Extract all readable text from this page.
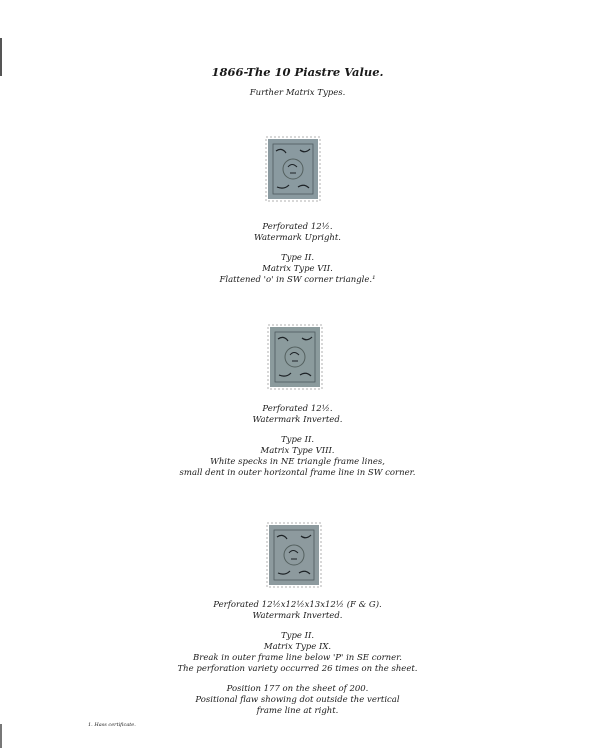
1866-The 10 Piastre Value.
Further Matrix Types.

Perforated 12½.

Watermark Upright.

Type II.

Matrix Type VII.

Flattened 'o' in SW corner triangle.¹

Perforated 12½.

Watermark Inverted.

Type II.

Matrix Type VIII.

White specks in NE triangle frame lines,

small dent in outer horizontal frame line in SW corner.

Perforated 12½x12½x13x12½ (F & G).

Watermark Inverted.

Type II.

Matrix Type IX.

Break in outer frame line below 'P' in SE corner.

The perforation variety occurred 26 times on the sheet.

Position 177 on the sheet of 200.

Positional flaw showing dot outside the vertical

frame line at right.

1. Hass certificate.
